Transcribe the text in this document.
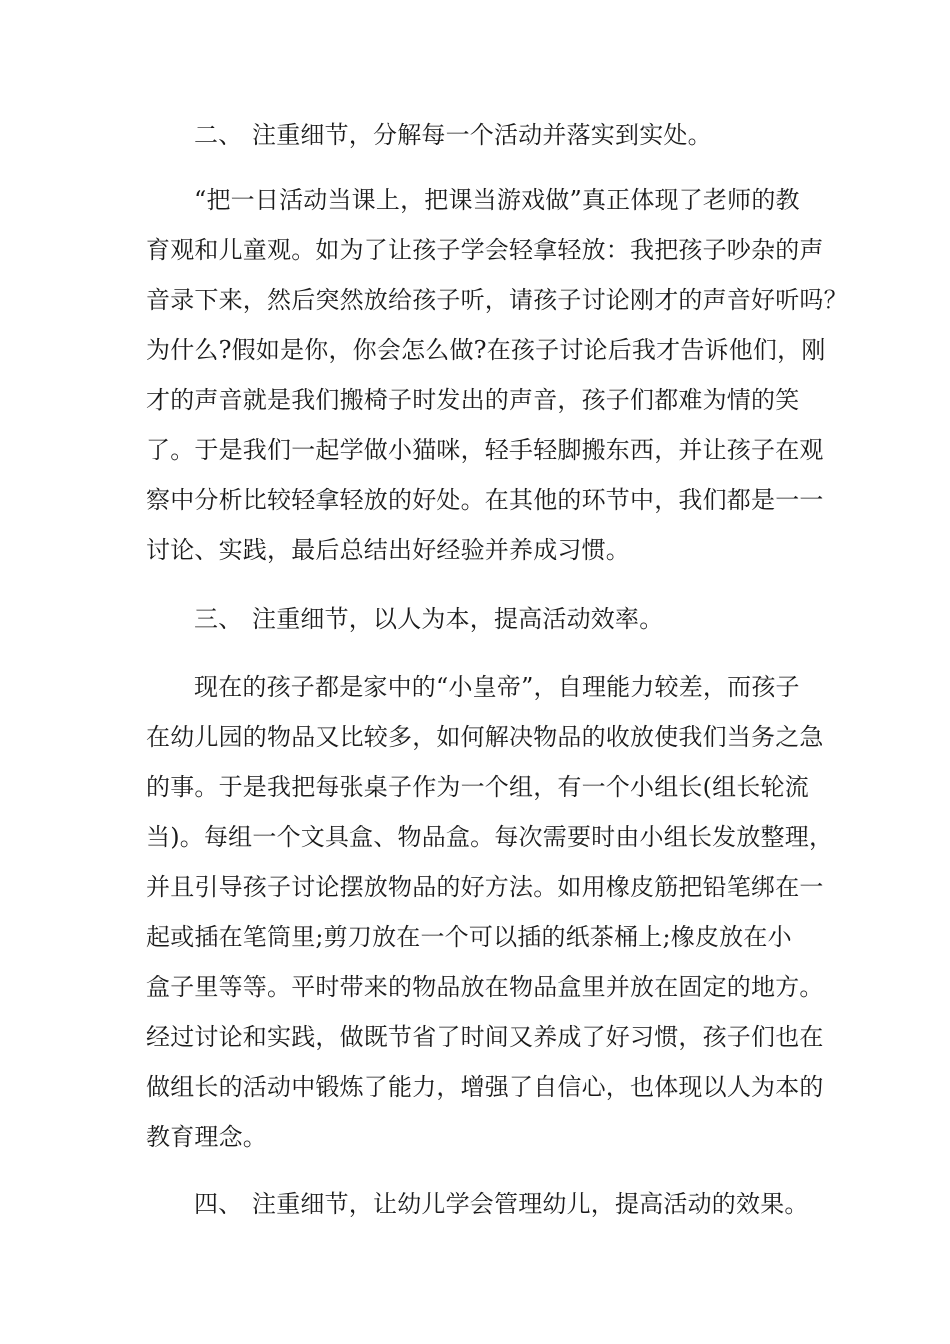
二、 注重细节，分解每一个活动并落实到实处。
“把一日活动当课上，把课当游戏做”真正体现了老师的教
育观和儿童观。如为了让孩子学会轻拿轻放：我把孩子吵杂的声
音录下来，然后突然放给孩子听，请孩子讨论刚才的声音好听吗？
为什么?假如是你，你会怎么做?在孩子讨论后我才告诉他们，刚
才的声音就是我们搬椅子时发出的声音，孩子们都难为情的笑
了。于是我们一起学做小猫咪，轻手轻脚搬东西，并让孩子在观
察中分析比较轻拿轻放的好处。在其他的环节中，我们都是一一
讨论、实践，最后总结出好经验并养成习惯。
三、 注重细节，以人为本，提高活动效率。
现在的孩子都是家中的“小皇帝”，自理能力较差，而孩子
在幼儿园的物品又比较多，如何解决物品的收放使我们当务之急
的事。于是我把每张桌子作为一个组，有一个小组长(组长轮流
当)。每组一个文具盒、物品盒。每次需要时由小组长发放整理，
并且引导孩子讨论摆放物品的好方法。如用橡皮筋把铅笔绑在一
起或插在笔筒里;剪刀放在一个可以插的纸茶桶上;橡皮放在小
盒子里等等。平时带来的物品放在物品盒里并放在固定的地方。
经过讨论和实践，做既节省了时间又养成了好习惯，孩子们也在
做组长的活动中锻炼了能力，增强了自信心，也体现以人为本的
教育理念。
四、 注重细节，让幼儿学会管理幼儿，提高活动的效果。
